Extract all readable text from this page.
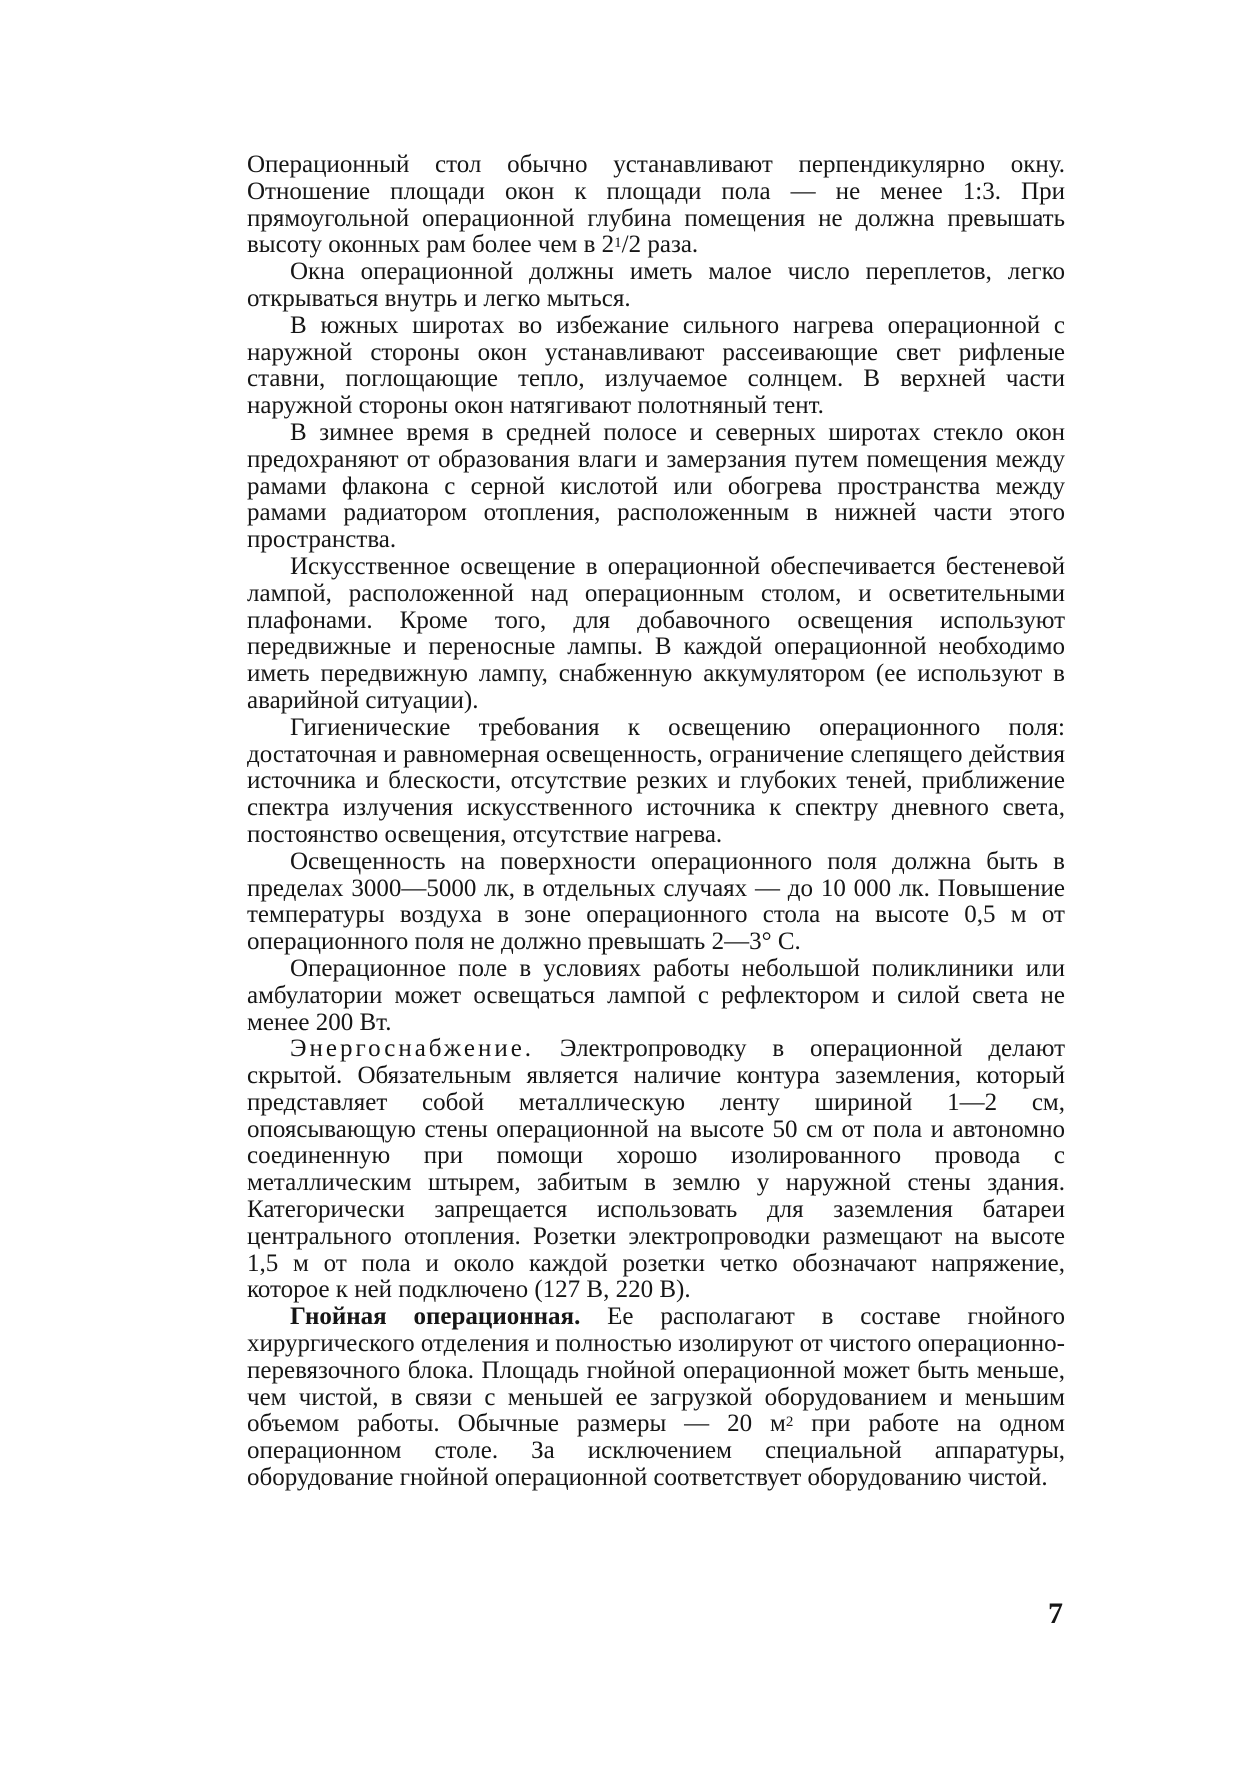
Операционный стол обычно устанавливают перпендикулярно окну. Отношение площади окон к площади пола — не менее 1:3. При прямоугольной операционной глубина помещения не должна превышать высоту оконных рам более чем в $2^1/2$ раза.

Окна операционной должны иметь малое число переплетов, легко открываться внутрь и легко мыться.

В южных широтах во избежание сильного нагрева операционной с наружной стороны окон устанавливают рассеивающие свет рифленые ставни, поглощающие тепло, излучаемое солнцем. В верхней части наружной стороны окон натягивают полотняный тент.

В зимнее время в средней полосе и северных широтах стекло окон предохраняют от образования влаги и замерзания путем помещения между рамами флакона с серной кислотой или обогрева пространства между рамами радиатором отопления, расположенным в нижней части этого пространства.

Искусственное освещение в операционной обеспечивается бестеневой лампой, расположенной над операционным столом, и осветительными плафонами. Кроме того, для добавочного освещения используют передвижные и переносные лампы. В каждой операционной необходимо иметь передвижную лампу, снабженную аккумулятором (ее используют в аварийной ситуации).

Гигиенические требования к освещению операционного поля: достаточная и равномерная освещенность, ограничение слепящего действия источника и блескости, отсутствие резких и глубоких теней, приближение спектра излучения искусственного источника к спектру дневного света, постоянство освещения, отсутствие нагрева.

Освещенность на поверхности операционного поля должна быть в пределах 3000—5000 лк, в отдельных случаях — до 10 000 лк. Повышение температуры воздуха в зоне операционного стола на высоте 0,5 м от операционного поля не должно превышать 2—3° С.

Операционное поле в условиях работы небольшой поликлиники или амбулатории может освещаться лампой с рефлектором и силой света не менее 200 Вт.

Энергоснабжение. Электропроводку в операционной делают скрытой. Обязательным является наличие контура заземления, который представляет собой металлическую ленту шириной 1—2 см, опоясывающую стены операционной на высоте 50 см от пола и автономно соединенную при помощи хорошо изолированного провода с металлическим штырем, забитым в землю у наружной стены здания. Категорически запрещается использовать для заземления батареи центрального отопления. Розетки электропроводки размещают на высоте 1,5 м от пола и около каждой розетки четко обозначают напряжение, которое к ней подключено (127 В, 220 В).

Гнойная операционная. Ее располагают в составе гнойного хирургического отделения и полностью изолируют от чистого операционно-перевязочного блока. Площадь гнойной операционной может быть меньше, чем чистой, в связи с меньшей ее загрузкой оборудованием и меньшим объемом работы. Обычные размеры — 20 $м^2$ при работе на одном операционном столе. За исключением специальной аппаратуры, оборудование гнойной операционной соответствует оборудованию чистой.

7
